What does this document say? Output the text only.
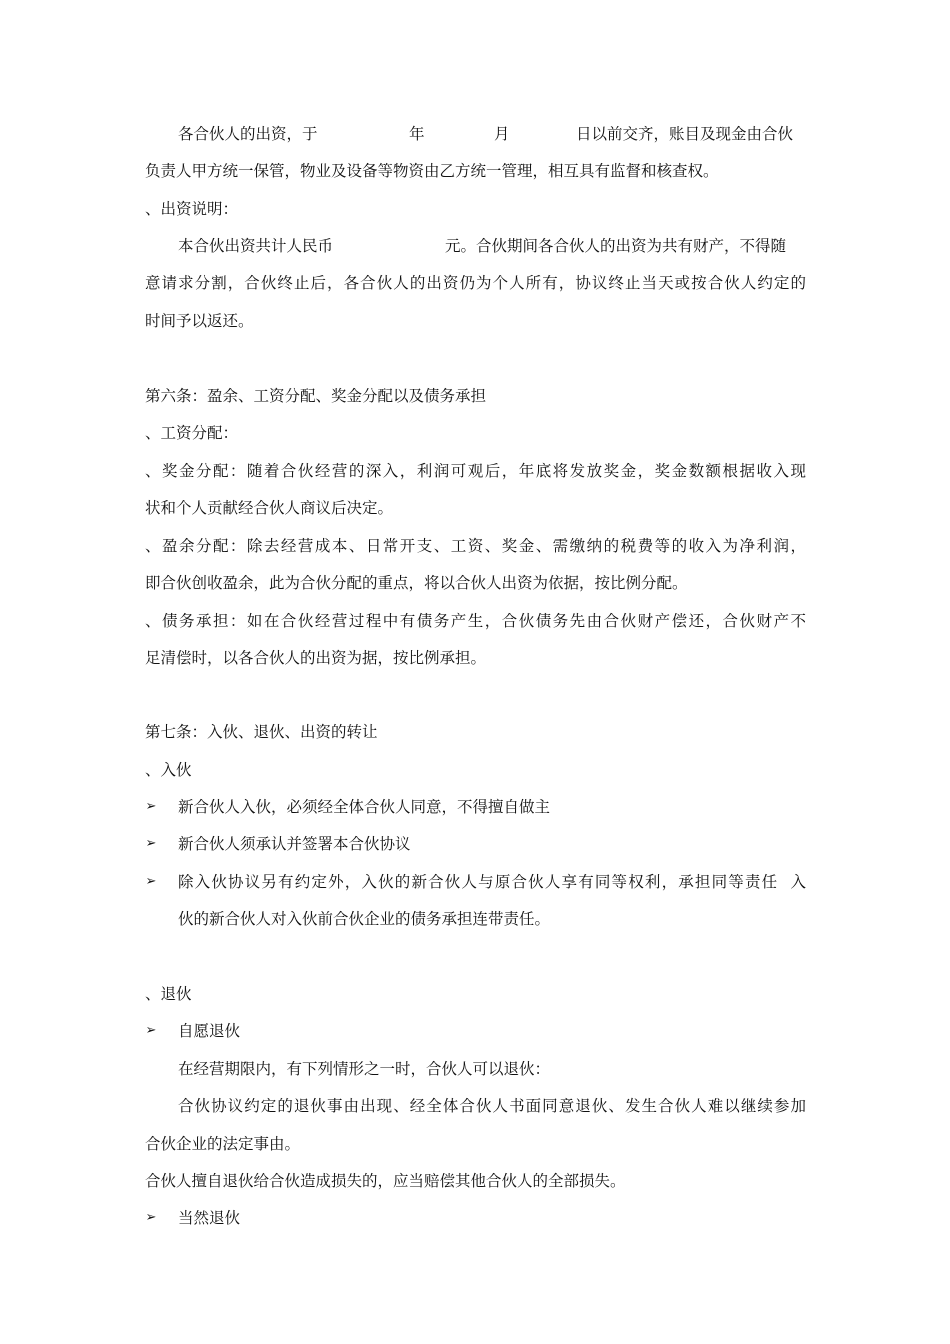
各合伙人的出资，于	年	月	日以前交齐，账目及现金由合伙
负责人甲方统一保管，物业及设备等物资由乙方统一管理，相互具有监督和核查权。
、出资说明：
本合伙出资共计人民币	元。合伙期间各合伙人的出资为共有财产，不得随
意请求分割，合伙终止后，各合伙人的出资仍为个人所有，协议终止当天或按合伙人约定的
时间予以返还。
第六条：盈余、工资分配、奖金分配以及债务承担
、工资分配：
、奖金分配：随着合伙经营的深入，利润可观后，年底将发放奖金，奖金数额根据收入现
状和个人贡献经合伙人商议后决定。
、盈余分配：除去经营成本、日常开支、工资、奖金、需缴纳的税费等的收入为净利润，
即合伙创收盈余，此为合伙分配的重点，将以合伙人出资为依据，按比例分配。
、债务承担：如在合伙经营过程中有债务产生，合伙债务先由合伙财产偿还，合伙财产不
足清偿时，以各合伙人的出资为据，按比例承担。
第七条：入伙、退伙、出资的转让
、入伙
➢ 新合伙人入伙，必须经全体合伙人同意，不得擅自做主
➢ 新合伙人须承认并签署本合伙协议
➢ 除入伙协议另有约定外，入伙的新合伙人与原合伙人享有同等权利，承担同等责任  入
伙的新合伙人对入伙前合伙企业的债务承担连带责任。
、退伙
➢ 自愿退伙
在经营期限内，有下列情形之一时，合伙人可以退伙：
合伙协议约定的退伙事由出现、经全体合伙人书面同意退伙、发生合伙人难以继续参加
合伙企业的法定事由。
合伙人擅自退伙给合伙造成损失的，应当赔偿其他合伙人的全部损失。
➢ 当然退伙
